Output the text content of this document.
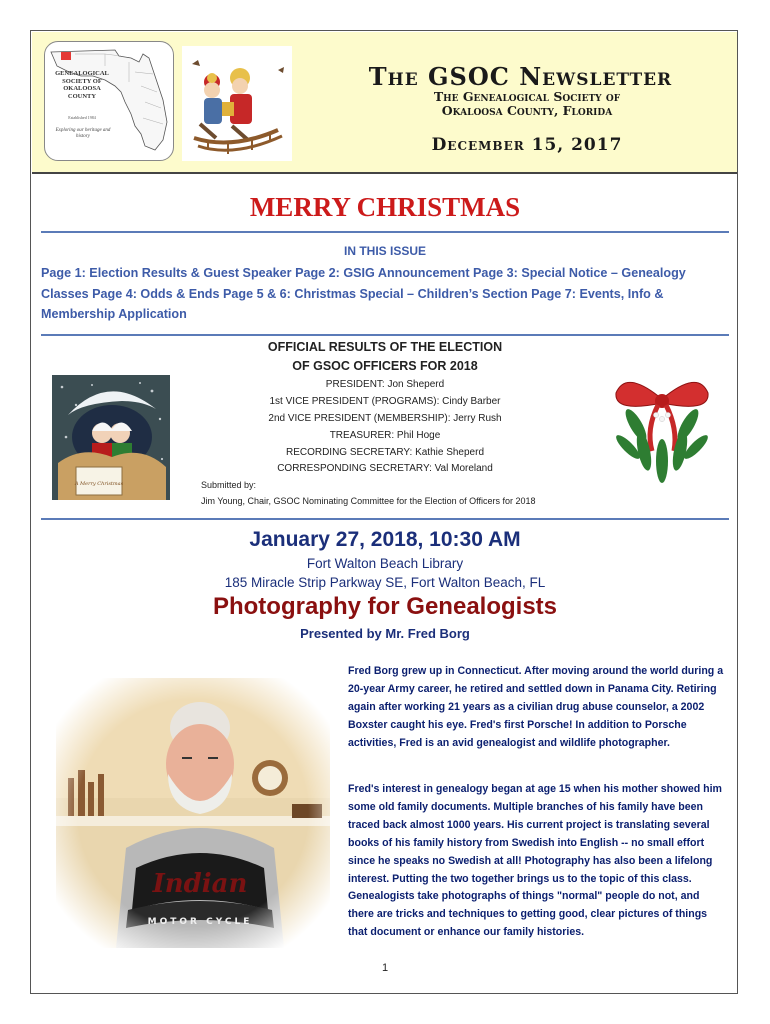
GENEALOGICAL
SOCIETY OF
OKALOOSA
COUNTY
Established 1984
Exploring our heritage and history
The GSOC Newsletter
The Genealogical Society of
Okaloosa County, Florida
December 15, 2017
MERRY CHRISTMAS
IN THIS ISSUE
Page 1: Election Results & Guest Speaker Page 2: GSIG Announcement Page 3: Special Notice – Genealogy Classes Page 4: Odds & Ends Page 5 & 6: Christmas Special – Children’s Section Page 7: Events, Info & Membership Application
OFFICIAL RESULTS OF THE ELECTION
OF GSOC OFFICERS FOR 2018
PRESIDENT: Jon Sheperd
1st VICE PRESIDENT (PROGRAMS): Cindy Barber
2nd VICE PRESIDENT (MEMBERSHIP): Jerry Rush
TREASURER: Phil Hoge
RECORDING SECRETARY: Kathie Sheperd
CORRESPONDING SECRETARY: Val Moreland
Submitted by:
Jim Young, Chair, GSOC Nominating Committee for the Election of Officers for 2018
A Merry Christmas
January 27, 2018, 10:30 AM
Fort Walton Beach Library
185 Miracle Strip Parkway SE, Fort Walton Beach, FL
Photography for Genealogists
Presented by Mr. Fred Borg
Fred Borg grew up in Connecticut. After moving around the world during a 20-year Army career, he retired and settled down in Panama City. Retiring again after working 21 years as a civilian drug abuse counselor, a 2002 Boxster caught his eye. Fred's first Porsche! In addition to Porsche activities, Fred is an avid genealogist and wildlife photographer.
Fred's interest in genealogy began at age 15 when his mother showed him some old family documents. Multiple branches of his family have been traced back almost 1000 years. His current project is translating several books of his family history from Swedish into English -- no small effort since he speaks no Swedish at all! Photography has also been a lifelong interest. Putting the two together brings us to the topic of this class. Genealogists take photographs of things "normal" people do not, and there are tricks and techniques to getting good, clear pictures of things that document or enhance our family histories.
1
